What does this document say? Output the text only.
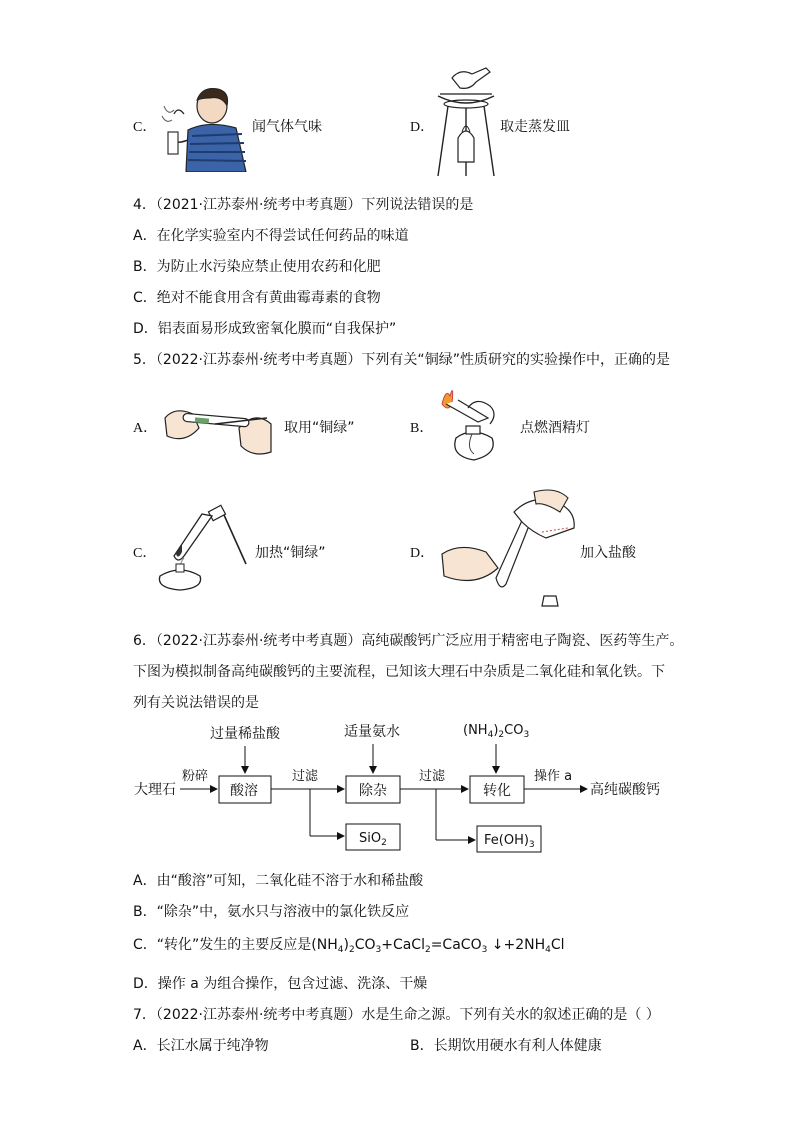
C．	闻气体气味	D．	取走蒸发皿
4．（2021·江苏泰州·统考中考真题）下列说法错误的是
A．在化学实验室内不得尝试任何药品的味道
B．为防止水污染应禁止使用农药和化肥
C．绝对不能食用含有黄曲霉毒素的食物
D．铝表面易形成致密氧化膜而“自我保护”
5．（2022·江苏泰州·统考中考真题）下列有关“铜绿”性质研究的实验操作中，正确的是
A．	取用“铜绿”	B．	点燃酒精灯
C．	加热“铜绿”	D．	加入盐酸
6．（2022·江苏泰州·统考中考真题）高纯碳酸钙广泛应用于精密电子陶瓷、医药等生产。
下图为模拟制备高纯碳酸钙的主要流程，已知该大理石中杂质是二氧化硅和氧化铁。下
列有关说法错误的是
过量稀盐酸	适量氨水	$(NH_4)_2CO_3$
大理石
粉碎
酸溶
过滤
除杂
SiO$_2$
过滤
转化
$Fe(OH)_3$
操作 a
高纯碳酸钙
A．由“酸溶”可知，二氧化硅不溶于水和稀盐酸
B．“除杂”中，氨水只与溶液中的氯化铁反应
C．“转化”发生的主要反应是$(NH_4)_2CO_3+CaCl_2=CaCO_3$ $↓+2NH_4Cl$
D．操作 a 为组合操作，包含过滤、洗涤、干燥
7．（2022·江苏泰州·统考中考真题）水是生命之源。下列有关水的叙述正确的是（ ）
A．长江水属于纯净物	B．长期饮用硬水有利人体健康
